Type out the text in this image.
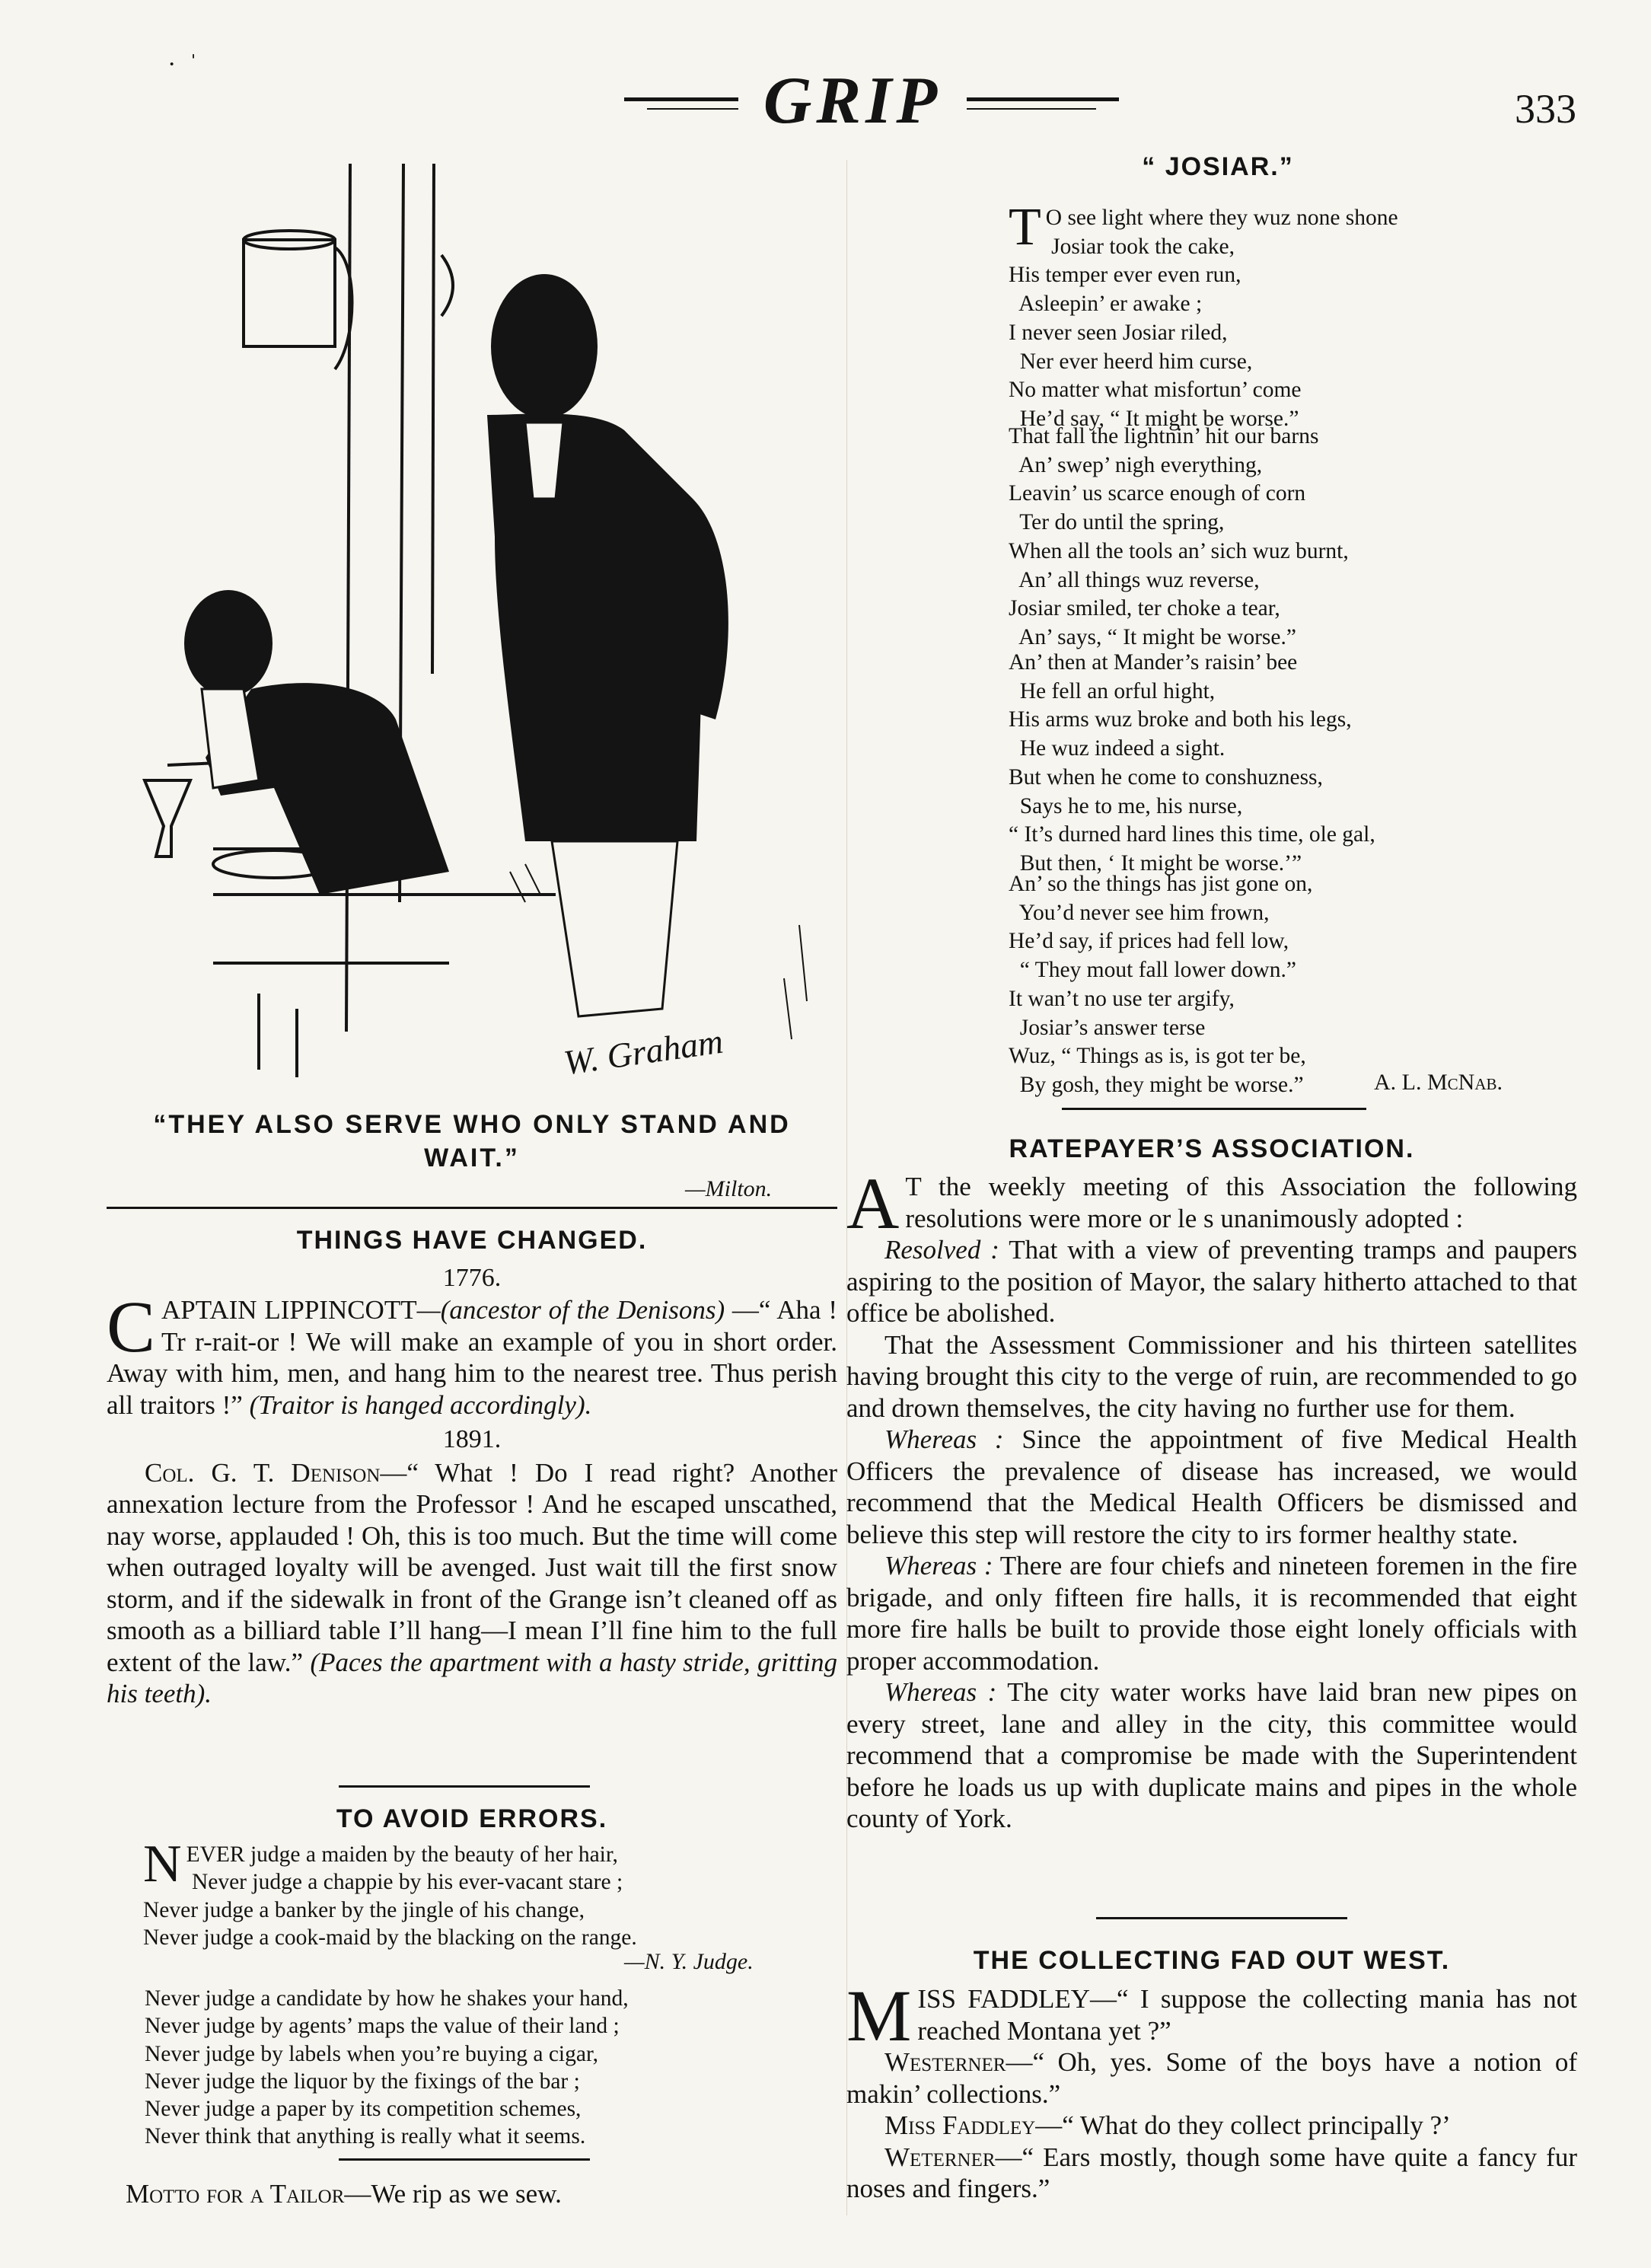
GRIP	333
·  ˈ
W. Graham
“THEY ALSO SERVE WHO ONLY STAND AND WAIT.”
—Milton.
THINGS HAVE CHANGED.
1776.

CAPTAIN LIPPINCOTT—(ancestor of the Denisons) —“ Aha ! Tr r-rait-or ! We will make an example of you in short order. Away with him, men, and hang him to the nearest tree. Thus perish all traitors !” (Traitor is hanged accordingly).

1891.

Col. G. T. Denison—“ What ! Do I read right? Another annexation lecture from the Professor ! And he escaped unscathed, nay worse, applauded ! Oh, this is too much. But the time will come when outraged loyalty will be avenged. Just wait till the first snow storm, and if the sidewalk in front of the Grange isn’t cleaned off as smooth as a billiard table I’ll hang—I mean I’ll fine him to the full extent of the law.” (Paces the apartment with a hasty stride, gritting his teeth).

TO AVOID ERRORS.
NEVER judge a maiden by the beauty of her hair,
Never judge a chappie by his ever-vacant stare ;
Never judge a banker by the jingle of his change,
Never judge a cook-maid by the blacking on the range.
—N. Y. Judge.
Never judge a candidate by how he shakes your hand,
Never judge by agents’ maps the value of their land ;
Never judge by labels when you’re buying a cigar,
Never judge the liquor by the fixings of the bar ;
Never judge a paper by its competition schemes,
Never think that anything is really what it seems.
Motto for a Tailor—We rip as we sew.
“ JOSIAR.”
T O see light where they wuz none shone
Josiar took the cake,
His temper ever even run,
Asleepin’ er awake ;
I never seen Josiar riled,
Ner ever heerd him curse,
No matter what misfortun’ come
He’d say, “ It might be worse.”
That fall the lightnin’ hit our barns
An’ swep’ nigh everything,
Leavin’ us scarce enough of corn
Ter do until the spring,
When all the tools an’ sich wuz burnt,
An’ all things wuz reverse,
Josiar smiled, ter choke a tear,
An’ says, “ It might be worse.”
An’ then at Mander’s raisin’ bee
He fell an orful hight,
His arms wuz broke and both his legs,
He wuz indeed a sight.
But when he come to conshuzness,
Says he to me, his nurse,
“ It’s durned hard lines this time, ole gal,
But then, ‘ It might be worse.’”
An’ so the things has jist gone on,
You’d never see him frown,
He’d say, if prices had fell low,
“ They mout fall lower down.”
It wan’t no use ter argify,
Josiar’s answer terse
Wuz, “ Things as is, is got ter be,
By gosh, they might be worse.”	A. L. McNab.
RATEPAYER’S ASSOCIATION.

A T the weekly meeting of this Association the following resolutions were more or le s unanimously adopted :

Resolved : That with a view of preventing tramps and paupers aspiring to the position of Mayor, the salary hitherto attached to that office be abolished.

That the Assessment Commissioner and his thirteen satellites having brought this city to the verge of ruin, are recommended to go and drown themselves, the city having no further use for them.

Whereas : Since the appointment of five Medical Health Officers the prevalence of disease has increased, we would recommend that the Medical Health Officers be dismissed and believe this step will restore the city to irs former healthy state.

Whereas : There are four chiefs and nineteen foremen in the fire brigade, and only fifteen fire halls, it is recommended that eight more fire halls be built to provide those eight lonely officials with proper accommodation.

Whereas : The city water works have laid bran new pipes on every street, lane and alley in the city, this committee would recommend that a compromise be made with the Superintendent before he loads us up with duplicate mains and pipes in the whole county of York.

THE COLLECTING FAD OUT WEST.

MISS FADDLEY—“ I suppose the collecting mania has not reached Montana yet ?”

Westerner—“ Oh, yes. Some of the boys have a notion of makin’ collections.”

Miss Faddley—“ What do they collect principally ?’

Weterner—“ Ears mostly, though some have quite a fancy fur noses and fingers.”
